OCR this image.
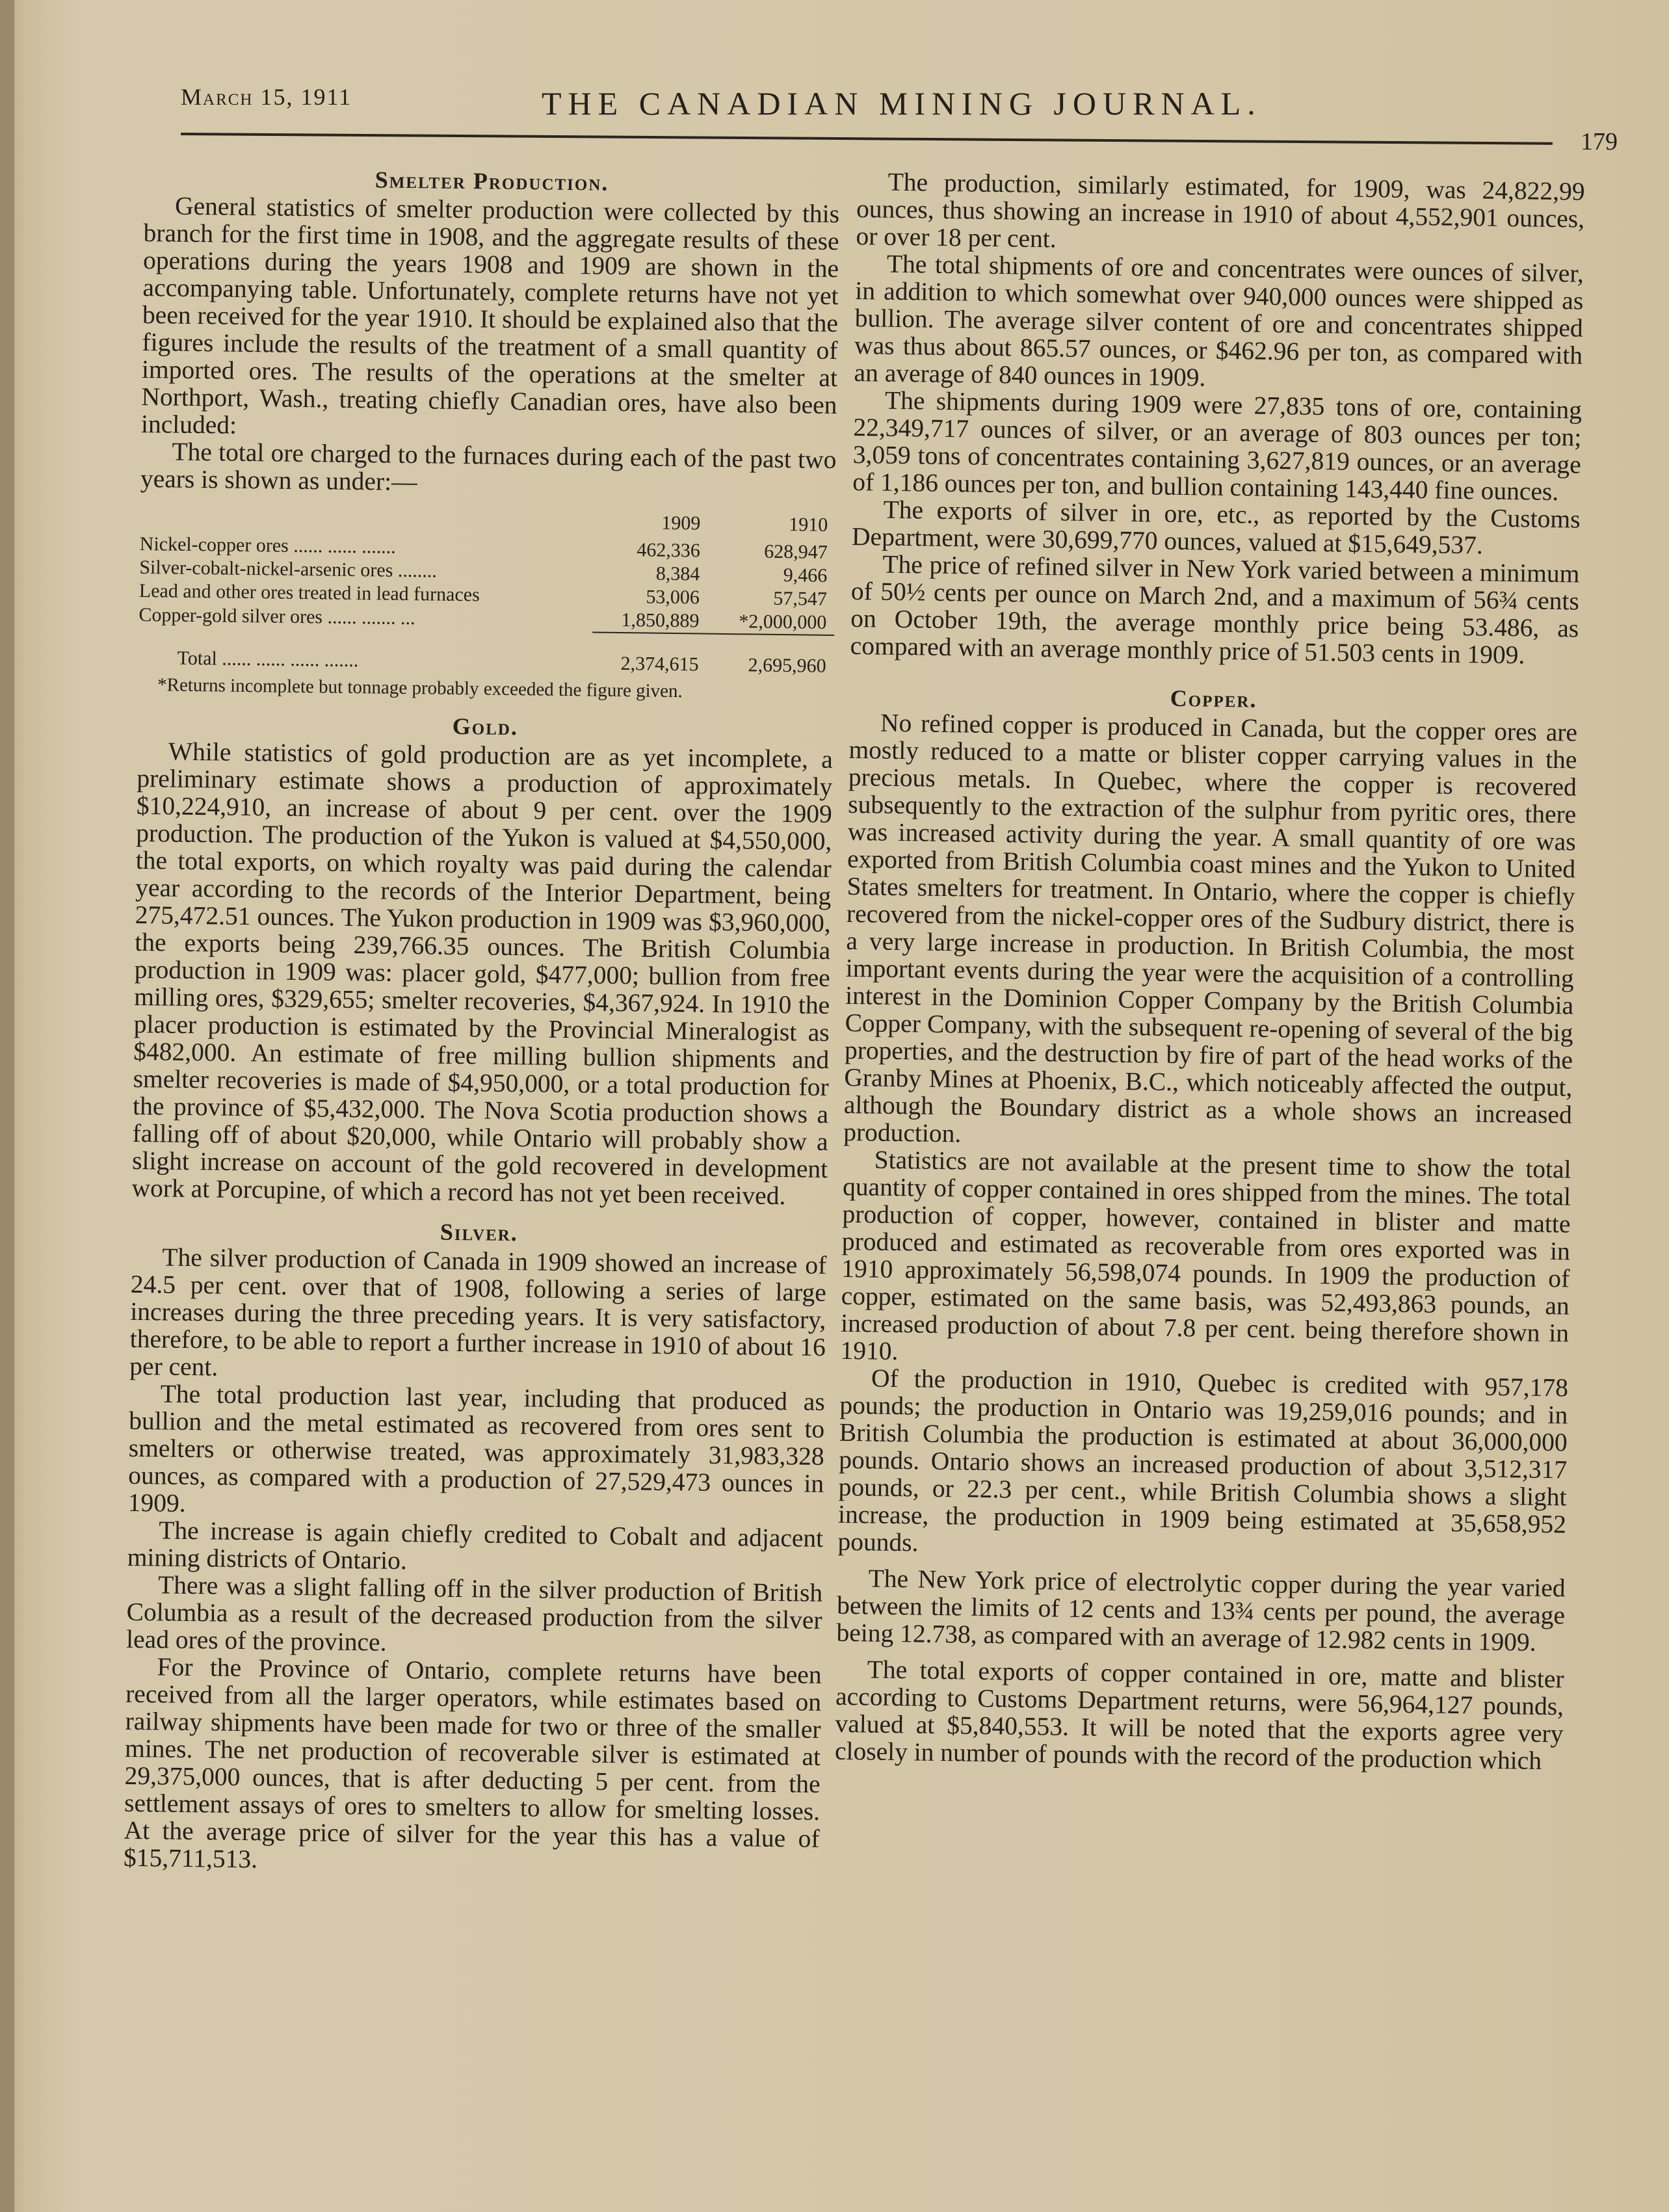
March 15, 1911	THE CANADIAN MINING JOURNAL.
179
Smelter Production.

General statistics of smelter production were collected by this branch for the first time in 1908, and the aggregate results of these operations during the years 1908 and 1909 are shown in the accompanying table. Unfortunately, complete returns have not yet been received for the year 1910. It should be explained also that the figures include the results of the treatment of a small quantity of imported ores. The results of the operations at the smelter at Northport, Wash., treating chiefly Canadian ores, have also been included:

The total ore charged to the furnaces during each of the past two years is shown as under:—

	1909	1910
Nickel-copper ores ...... ...... .......	462,336	628,947
Silver-cobalt-nickel-arsenic ores ........	8,384	9,466
Lead and other ores treated in lead furnaces	53,006	57,547
Copper-gold silver ores ...... ....... ...	1,850,889	*2,000,000
Total ...... ...... ...... .......	2,374,615	2,695,960

*Returns incomplete but tonnage probably exceeded the figure given.

Gold.

While statistics of gold production are as yet incomplete, a preliminary estimate shows a production of approximately $10,224,910, an increase of about 9 per cent. over the 1909 production. The production of the Yukon is valued at $4,550,000, the total exports, on which royalty was paid during the calendar year according to the records of the Interior Department, being 275,472.51 ounces. The Yukon production in 1909 was $3,960,000, the exports being 239,766.35 ounces. The British Columbia production in 1909 was: placer gold, $477,000; bullion from free milling ores, $329,655; smelter recoveries, $4,367,924. In 1910 the placer production is estimated by the Provincial Mineralogist as $482,000. An estimate of free milling bullion shipments and smelter recoveries is made of $4,950,000, or a total production for the province of $5,432,000. The Nova Scotia production shows a falling off of about $20,000, while Ontario will probably show a slight increase on account of the gold recovered in development work at Porcupine, of which a record has not yet been received.

Silver.

The silver production of Canada in 1909 showed an increase of 24.5 per cent. over that of 1908, following a series of large increases during the three preceding years. It is very satisfactory, therefore, to be able to report a further increase in 1910 of about 16 per cent.

The total production last year, including that produced as bullion and the metal estimated as recovered from ores sent to smelters or otherwise treated, was approximately 31,983,328 ounces, as compared with a production of 27,529,473 ounces in 1909.

The increase is again chiefly credited to Cobalt and adjacent mining districts of Ontario.

There was a slight falling off in the silver production of British Columbia as a result of the decreased production from the silver lead ores of the province.

For the Province of Ontario, complete returns have been received from all the larger operators, while estimates based on railway shipments have been made for two or three of the smaller mines. The net production of recoverable silver is estimated at 29,375,000 ounces, that is after deducting 5 per cent. from the settlement assays of ores to smelters to allow for smelting losses. At the average price of silver for the year this has a value of $15,711,513.

The production, similarly estimated, for 1909, was 24,822,99 ounces, thus showing an increase in 1910 of about 4,552,901 ounces, or over 18 per cent.

The total shipments of ore and concentrates were ounces of silver, in addition to which somewhat over 940,000 ounces were shipped as bullion. The average silver content of ore and concentrates shipped was thus about 865.57 ounces, or $462.96 per ton, as compared with an average of 840 ounces in 1909.

The shipments during 1909 were 27,835 tons of ore, containing 22,349,717 ounces of silver, or an average of 803 ounces per ton; 3,059 tons of concentrates containing 3,627,819 ounces, or an average of 1,186 ounces per ton, and bullion containing 143,440 fine ounces.

The exports of silver in ore, etc., as reported by the Customs Department, were 30,699,770 ounces, valued at $15,649,537.

The price of refined silver in New York varied between a minimum of 50½ cents per ounce on March 2nd, and a maximum of 56¾ cents on October 19th, the average monthly price being 53.486, as compared with an average monthly price of 51.503 cents in 1909.

Copper.

No refined copper is produced in Canada, but the copper ores are mostly reduced to a matte or blister copper carrying values in the precious metals. In Quebec, where the copper is recovered subsequently to the extraction of the sulphur from pyritic ores, there was increased activity during the year. A small quantity of ore was exported from British Columbia coast mines and the Yukon to United States smelters for treatment. In Ontario, where the copper is chiefly recovered from the nickel-copper ores of the Sudbury district, there is a very large increase in production. In British Columbia, the most important events during the year were the acquisition of a controlling interest in the Dominion Copper Company by the British Columbia Copper Company, with the subsequent re-opening of several of the big properties, and the destruction by fire of part of the head works of the Granby Mines at Phoenix, B.C., which noticeably affected the output, although the Boundary district as a whole shows an increased production.

Statistics are not available at the present time to show the total quantity of copper contained in ores shipped from the mines. The total production of copper, however, contained in blister and matte produced and estimated as recoverable from ores exported was in 1910 approximately 56,598,074 pounds. In 1909 the production of copper, estimated on the same basis, was 52,493,863 pounds, an increased production of about 7.8 per cent. being therefore shown in 1910.

Of the production in 1910, Quebec is credited with 957,178 pounds; the production in Ontario was 19,259,016 pounds; and in British Columbia the production is estimated at about 36,000,000 pounds. Ontario shows an increased production of about 3,512,317 pounds, or 22.3 per cent., while British Columbia shows a slight increase, the production in 1909 being estimated at 35,658,952 pounds.

The New York price of electrolytic copper during the year varied between the limits of 12 cents and 13¾ cents per pound, the average being 12.738, as compared with an average of 12.982 cents in 1909.

The total exports of copper contained in ore, matte and blister according to Customs Department returns, were 56,964,127 pounds, valued at $5,840,553. It will be noted that the exports agree very closely in number of pounds with the record of the production which
